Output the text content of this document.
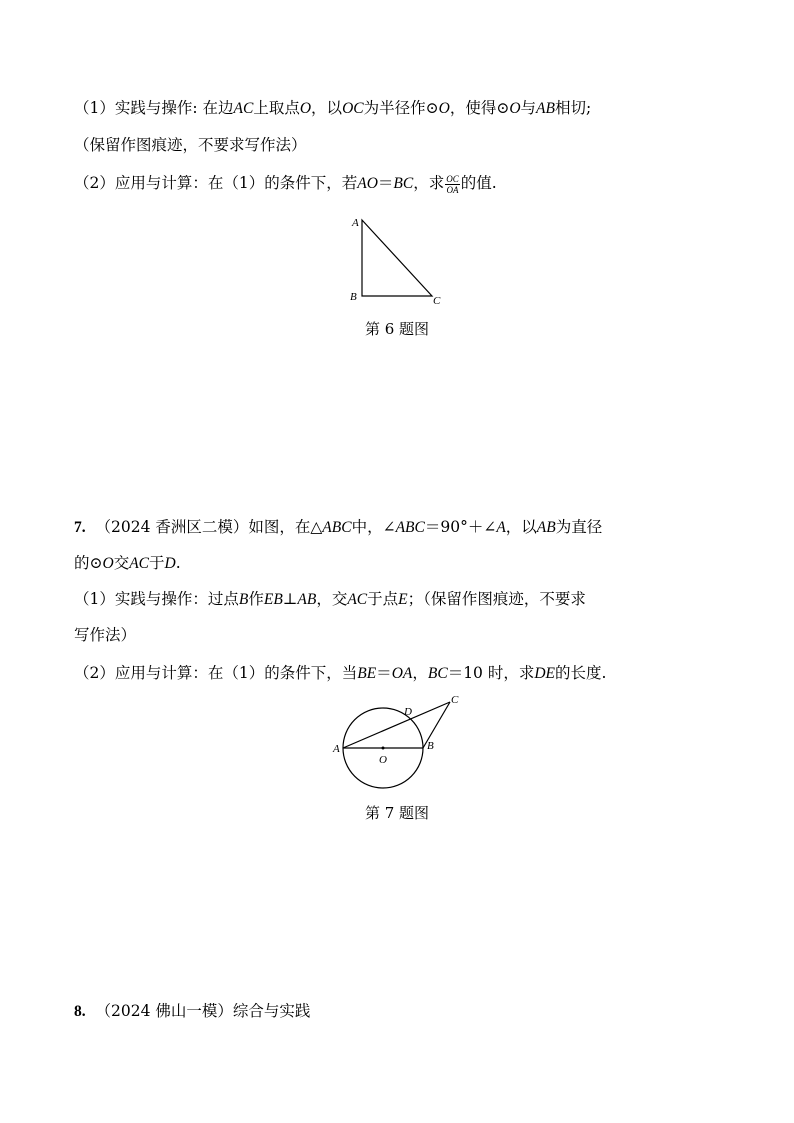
（1）实践与操作: 在边AC上取点O，以OC为半径作⊙O，使得⊙O与AB相切;
（保留作图痕迹，不要求写作法）
（2）应用与计算：在（1）的条件下，若AO＝BC，求 $\frac{OC}{OA}$ 的值.
A
B	C
第 6 题图
7. （2024 香洲区二模）如图，在△ABC中，∠ABC＝90°＋∠A，以AB为直径
的⊙O交AC于D.
（1）实践与操作：过点B作EB⊥AB，交AC于点E；（保留作图痕迹，不要求
写作法）
（2）应用与计算：在（1）的条件下，当BE＝OA，BC＝10 时，求DE的长度.
A	B
C
D
O
第 7 题图
8. （2024 佛山一模）综合与实践
